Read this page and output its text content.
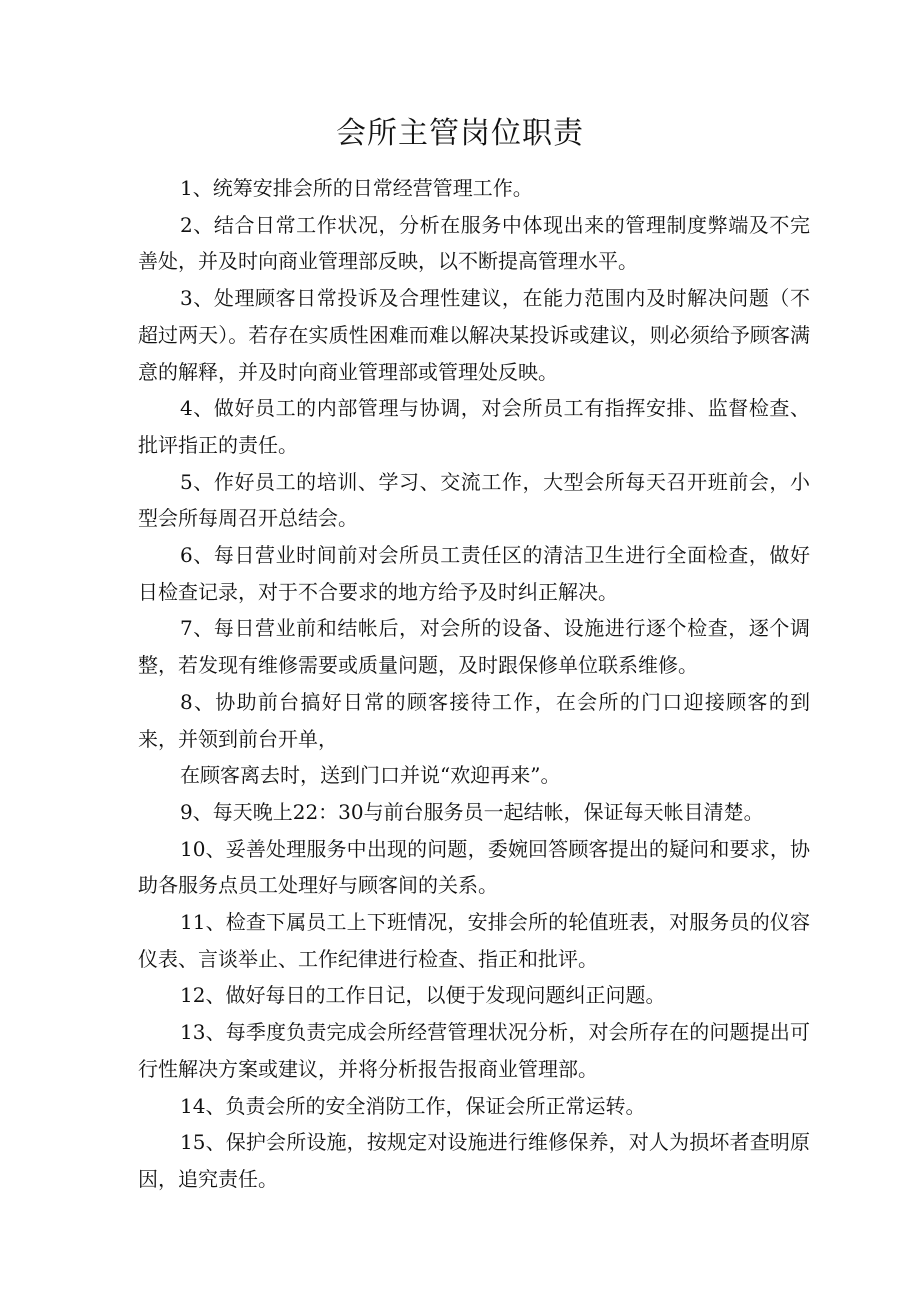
会所主管岗位职责

1、统筹安排会所的日常经营管理工作。

2、结合日常工作状况，分析在服务中体现出来的管理制度弊端及不完善处，并及时向商业管理部反映，以不断提高管理水平。

3、处理顾客日常投诉及合理性建议，在能力范围内及时解决问题（不超过两天）。若存在实质性困难而难以解决某投诉或建议，则必须给予顾客满意的解释，并及时向商业管理部或管理处反映。

4、做好员工的内部管理与协调，对会所员工有指挥安排、监督检查、批评指正的责任。

5、作好员工的培训、学习、交流工作，大型会所每天召开班前会，小型会所每周召开总结会。

6、每日营业时间前对会所员工责任区的清洁卫生进行全面检查，做好日检查记录，对于不合要求的地方给予及时纠正解决。

7、每日营业前和结帐后，对会所的设备、设施进行逐个检查，逐个调整，若发现有维修需要或质量问题，及时跟保修单位联系维修。

8、协助前台搞好日常的顾客接待工作，在会所的门口迎接顾客的到来，并领到前台开单，

在顾客离去时，送到门口并说“欢迎再来”。

9、每天晚上22：30与前台服务员一起结帐，保证每天帐目清楚。

10、妥善处理服务中出现的问题，委婉回答顾客提出的疑问和要求，协助各服务点员工处理好与顾客间的关系。

11、检查下属员工上下班情况，安排会所的轮值班表，对服务员的仪容仪表、言谈举止、工作纪律进行检查、指正和批评。

12、做好每日的工作日记，以便于发现问题纠正问题。

13、每季度负责完成会所经营管理状况分析，对会所存在的问题提出可行性解决方案或建议，并将分析报告报商业管理部。

14、负责会所的安全消防工作，保证会所正常运转。

15、保护会所设施，按规定对设施进行维修保养，对人为损坏者查明原因，追究责任。
